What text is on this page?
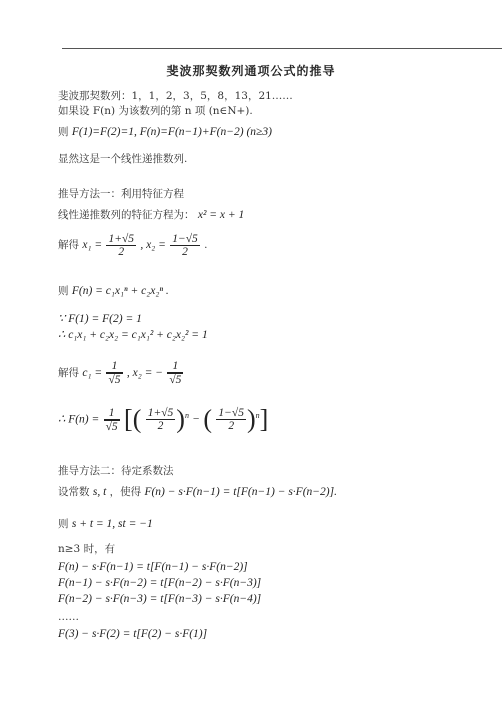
斐波那契数列通项公式的推导
斐波那契数列：1，1，2，3，5，8，13，21……
如果设 F(n) 为该数列的第 n 项 (n∈N+).
则 F(1)=F(2)=1, F(n)=F(n−1)+F(n−2) (n≥3)
显然这是一个线性递推数列.
推导方法一：利用特征方程
线性递推数列的特征方程为： x² = x + 1
解得 $x_1 = \frac{1+√5}{2}$ , $x_2 = \frac{1-√5}{2}$ .
则 F(n) = c₁x₁ⁿ + c₂x₂ⁿ .
∵ F(1) = F(2) = 1
∴ c₁x₁ + c₂x₂ = c₁x₁² + c₂x₂² = 1
解得 $c_1 = \frac{1}{√5}$ , x₂ = − $\frac{1}{√5}$
∴ $F(n) = \frac{1}{√5}$ [( $\frac{1+√5}{2} )^n$ − ( $\frac{1-√5}{2} )^n$]
推导方法二：待定系数法
设常数 s, t ，使得 F(n) − s·F(n−1) = t[F(n−1) − s·F(n−2)].
则 s + t = 1, st = −1
n≥3 时，有
F(n) − s·F(n−1) = t[F(n−1) − s·F(n−2)]
F(n−1) − s·F(n−2) = t[F(n−2) − s·F(n−3)]
F(n−2) − s·F(n−3) = t[F(n−3) − s·F(n−4)]
……
F(3) − s·F(2) = t[F(2) − s·F(1)]
